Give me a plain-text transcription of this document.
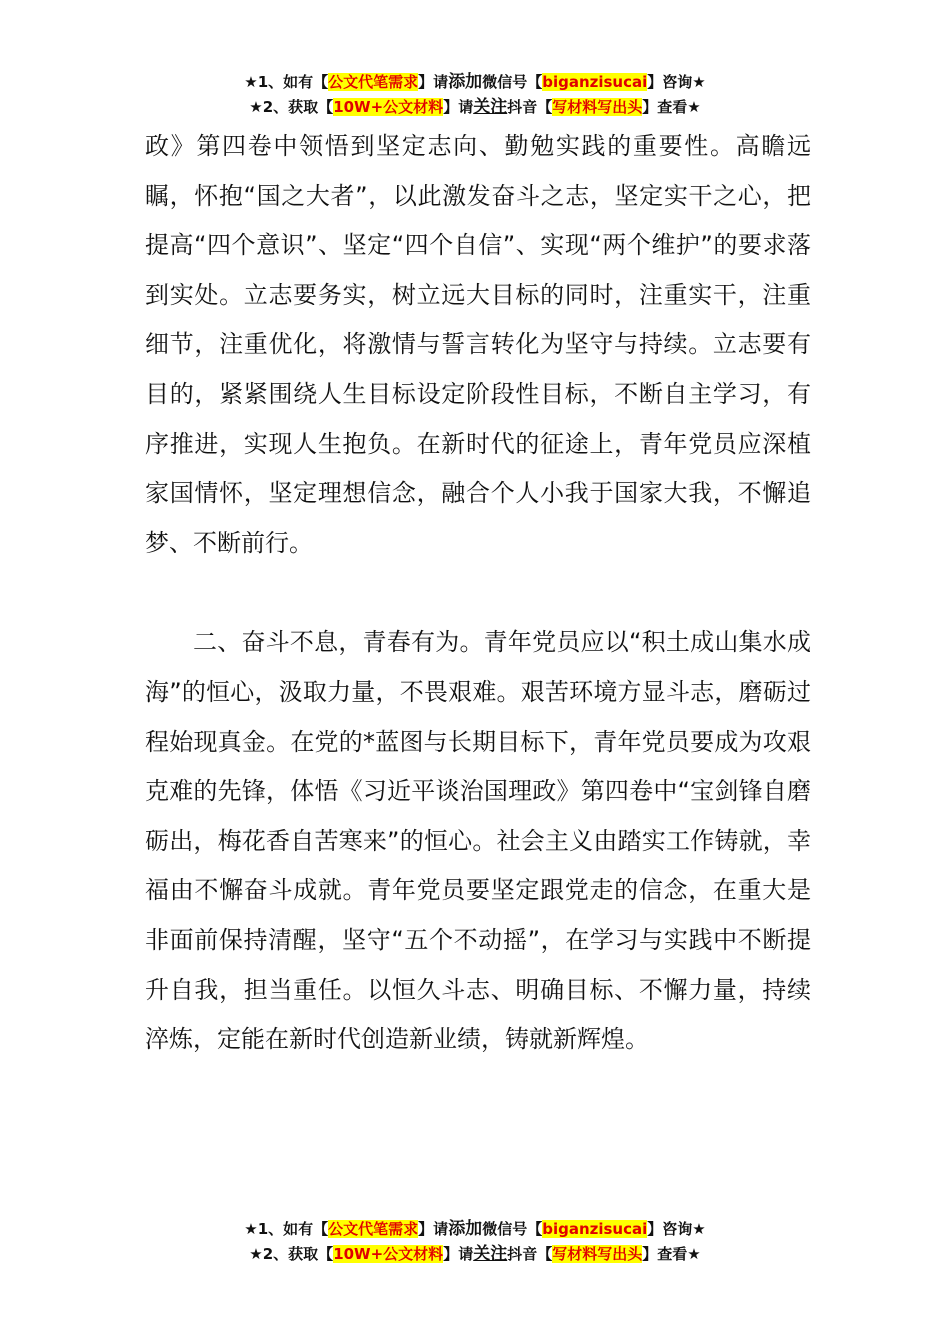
★1、如有【公文代笔需求】请添加微信号【biganzisucai】咨询★
★2、获取【10W+公文材料】请关注抖音【写材料写出头】查看★

政》第四卷中领悟到坚定志向、勤勉实践的重要性。高瞻远瞩，怀抱“国之大者”，以此激发奋斗之志，坚定实干之心，把提高“四个意识”、坚定“四个自信”、实现“两个维护”的要求落到实处。立志要务实，树立远大目标的同时，注重实干，注重细节，注重优化，将激情与誓言转化为坚守与持续。立志要有目的，紧紧围绕人生目标设定阶段性目标，不断自主学习，有序推进，实现人生抱负。在新时代的征途上，青年党员应深植家国情怀，坚定理想信念，融合个人小我于国家大我，不懈追梦、不断前行。

二、奋斗不息，青春有为。青年党员应以“积土成山集水成海”的恒心，汲取力量，不畏艰难。艰苦环境方显斗志，磨砺过程始现真金。在党的*蓝图与长期目标下，青年党员要成为攻艰克难的先锋，体悟《习近平谈治国理政》第四卷中“宝剑锋自磨砺出，梅花香自苦寒来”的恒心。社会主义由踏实工作铸就，幸福由不懈奋斗成就。青年党员要坚定跟党走的信念，在重大是非面前保持清醒，坚守“五个不动摇”，在学习与实践中不断提升自我，担当重任。以恒久斗志、明确目标、不懈力量，持续淬炼，定能在新时代创造新业绩，铸就新辉煌。

★1、如有【公文代笔需求】请添加微信号【biganzisucai】咨询★
★2、获取【10W+公文材料】请关注抖音【写材料写出头】查看★
